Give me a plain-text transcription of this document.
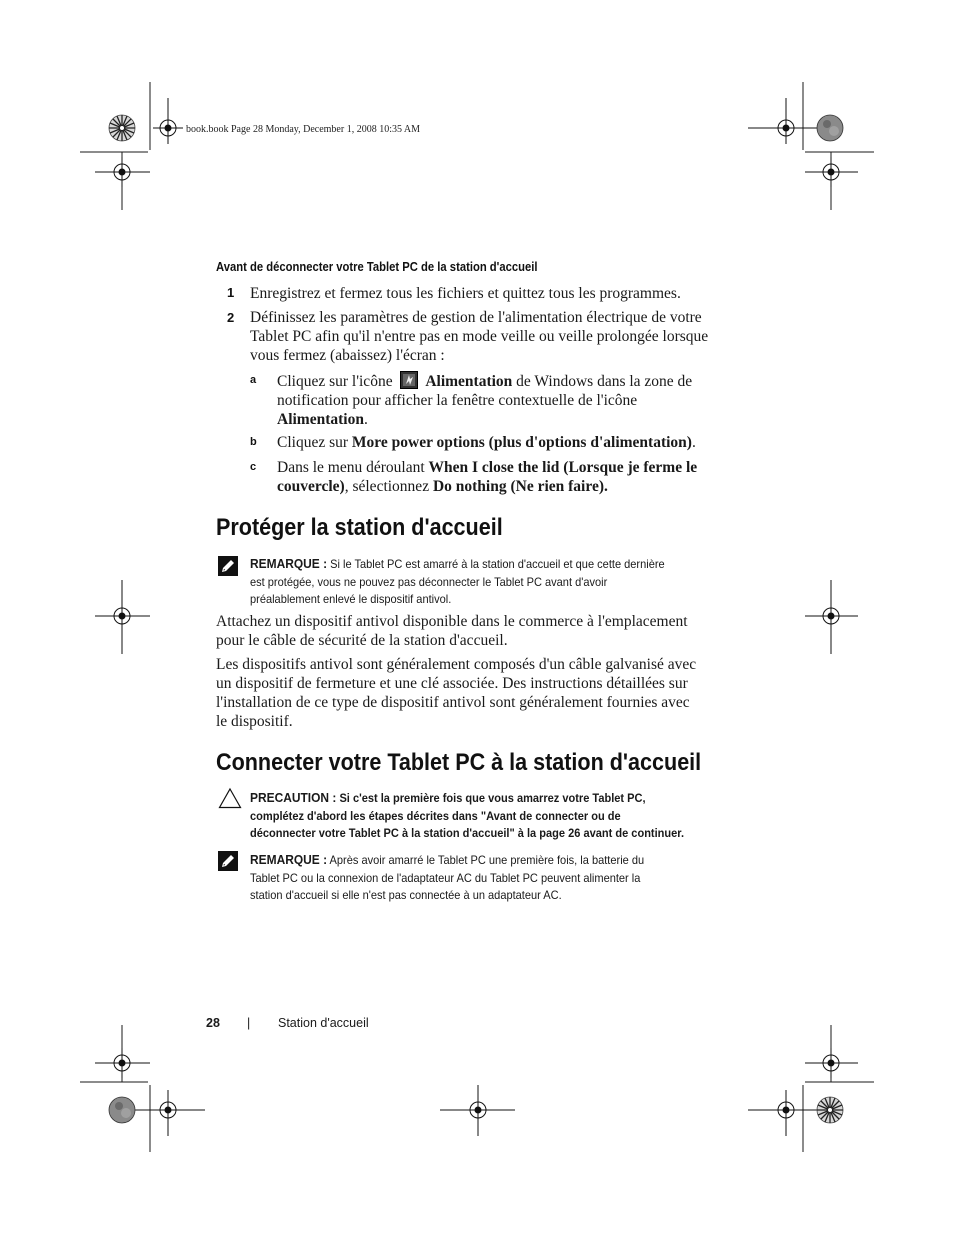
book.book Page 28 Monday, December 1, 2008 10:35 AM
Avant de déconnecter votre Tablet PC de la station d'accueil
1 Enregistrez et fermez tous les fichiers et quittez tous les programmes.
2 Définissez les paramètres de gestion de l'alimentation électrique de votre
Tablet PC afin qu'il n'entre pas en mode veille ou veille prolongée lorsque
vous fermez (abaissez) l'écran :
a Cliquez sur l'icône Alimentation de Windows dans la zone de
notification pour afficher la fenêtre contextuelle de l'icône
Alimentation.
b Cliquez sur More power options (plus d'options d'alimentation).
c Dans le menu déroulant When I close the lid (Lorsque je ferme le
couvercle), sélectionnez Do nothing (Ne rien faire).
Protéger la station d'accueil
REMARQUE : Si le Tablet PC est amarré à la station d'accueil et que cette dernière
est protégée, vous ne pouvez pas déconnecter le Tablet PC avant d'avoir
préalablement enlevé le dispositif antivol.
Attachez un dispositif antivol disponible dans le commerce à l'emplacement
pour le câble de sécurité de la station d'accueil.
Les dispositifs antivol sont généralement composés d'un câble galvanisé avec
un dispositif de fermeture et une clé associée. Des instructions détaillées sur
l'installation de ce type de dispositif antivol sont généralement fournies avec
le dispositif.
Connecter votre Tablet PC à la station d'accueil
PRECAUTION : Si c'est la première fois que vous amarrez votre Tablet PC,
complétez d'abord les étapes décrites dans "Avant de connecter ou de
déconnecter votre Tablet PC à la station d'accueil" à la page 26 avant de continuer.
REMARQUE : Après avoir amarré le Tablet PC une première fois, la batterie du
Tablet PC ou la connexion de l'adaptateur AC du Tablet PC peuvent alimenter la
station d'accueil si elle n'est pas connectée à un adaptateur AC.
28 | Station d'accueil
